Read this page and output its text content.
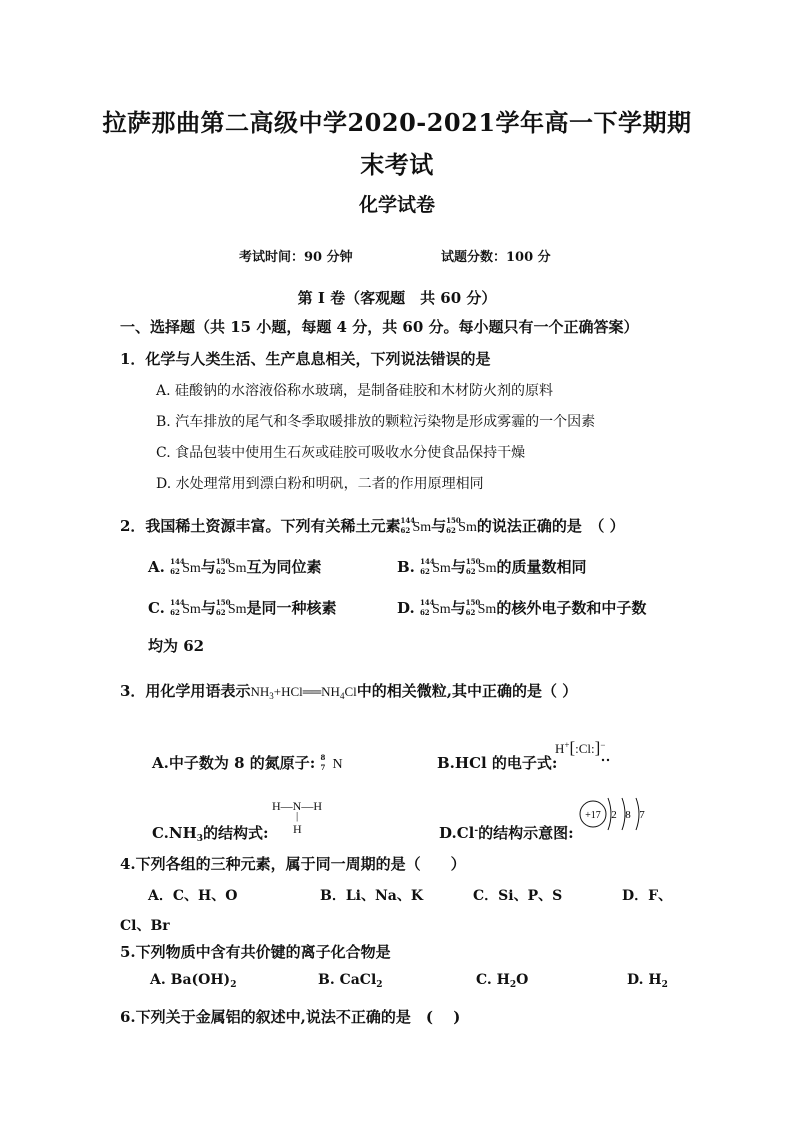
拉萨那曲第二高级中学2020-2021学年高一下学期期
末考试
化学试卷
考试时间：90 分钟	试题分数：100 分
第 I 卷（客观题　共 60 分）
一、选择题（共 15 小题，每题 4 分，共 60 分。每小题只有一个正确答案）
1．化学与人类生活、生产息息相关，下列说法错误的是
A. 硅酸钠的水溶液俗称水玻璃，是制备硅胶和木材防火剂的原料
B. 汽车排放的尾气和冬季取暖排放的颗粒污染物是形成雾霾的一个因素
C. 食品包装中使用生石灰或硅胶可吸收水分使食品保持干燥
D. 水处理常用到漂白粉和明矾，二者的作用原理相同
2．我国稀土资源丰富。下列有关稀土元素 144
62 Sm与 150
62 Sm的说法正确的是　（ ）
A. 144
62 Sm与 150
62 Sm互为同位素	B. 144
62 Sm与 150
62 Sm的质量数相同
C. 144
62 Sm与 150
62 Sm是同一种核素	D. 144
62 Sm与 150
62 Sm的核外电子数和中子数
均为 62
3．用化学用语表示$NH_3+HCl══NH_4Cl$中的相关微粒,其中正确的是（ ）
A.中子数为 8 的氮原子: 8
7 N	B.HCl 的电子式:
H+[:Cl:]−
H—N—H
|
H
$C.NH_3$的结构式:	D.Cl-的结构示意图:
+17 2 8 7
4.下列各组的三种元素，属于同一周期的是（　　）
A．C、H、O	B．Li、Na、K	C．Si、P、S	D．F、
Cl、Br
5.下列物质中含有共价键的离子化合物是
A. $Ba(OH)_2$	B. CaCl$_2$	C. $H_2O$	D. $H_2$
6.下列关于金属铝的叙述中,说法不正确的是　(　 )
